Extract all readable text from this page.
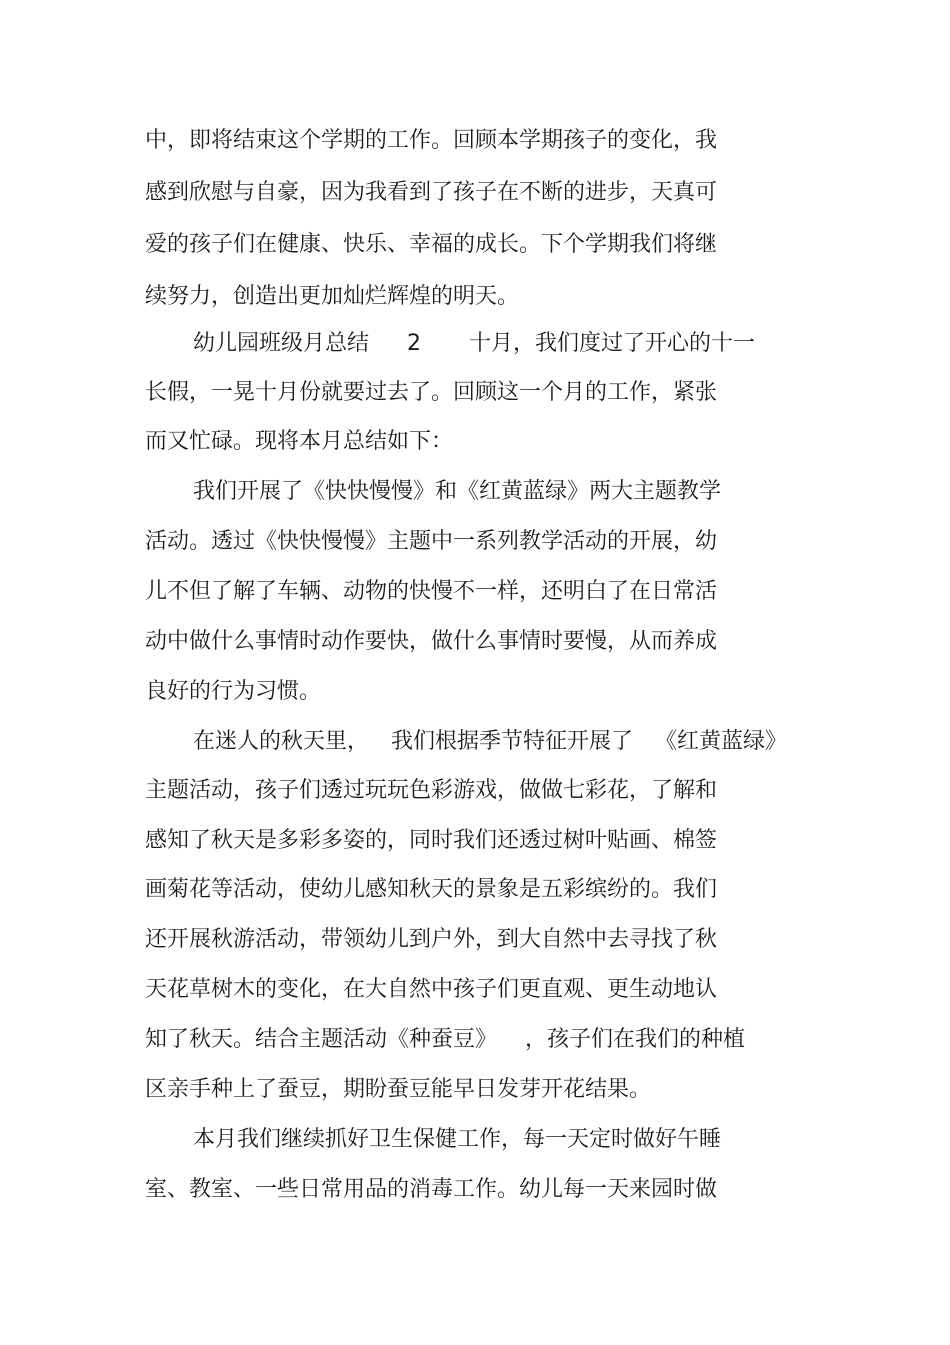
中，即将结束这个学期的工作。回顾本学期孩子的变化，我
感到欣慰与自豪，因为我看到了孩子在不断的进步，天真可
爱的孩子们在健康、快乐、幸福的成长。下个学期我们将继
续努力，创造出更加灿烂辉煌的明天。
幼儿园班级月总结 2 十月，我们度过了开心的十一
长假，一晃十月份就要过去了。回顾这一个月的工作，紧张
而又忙碌。现将本月总结如下：
我们开展了《快快慢慢》和《红黄蓝绿》两大主题教学
活动。透过《快快慢慢》主题中一系列教学活动的开展，幼
儿不但了解了车辆、动物的快慢不一样，还明白了在日常活
动中做什么事情时动作要快，做什么事情时要慢，从而养成
良好的行为习惯。
在迷人的秋天里， 我们根据季节特征开展了 《红黄蓝绿》
主题活动，孩子们透过玩玩色彩游戏，做做七彩花，了解和
感知了秋天是多彩多姿的，同时我们还透过树叶贴画、棉签
画菊花等活动，使幼儿感知秋天的景象是五彩缤纷的。我们
还开展秋游活动，带领幼儿到户外，到大自然中去寻找了秋
天花草树木的变化，在大自然中孩子们更直观、更生动地认
知了秋天。结合主题活动《种蚕豆》 ，孩子们在我们的种植
区亲手种上了蚕豆，期盼蚕豆能早日发芽开花结果。
本月我们继续抓好卫生保健工作，每一天定时做好午睡
室、教室、一些日常用品的消毒工作。幼儿每一天来园时做
